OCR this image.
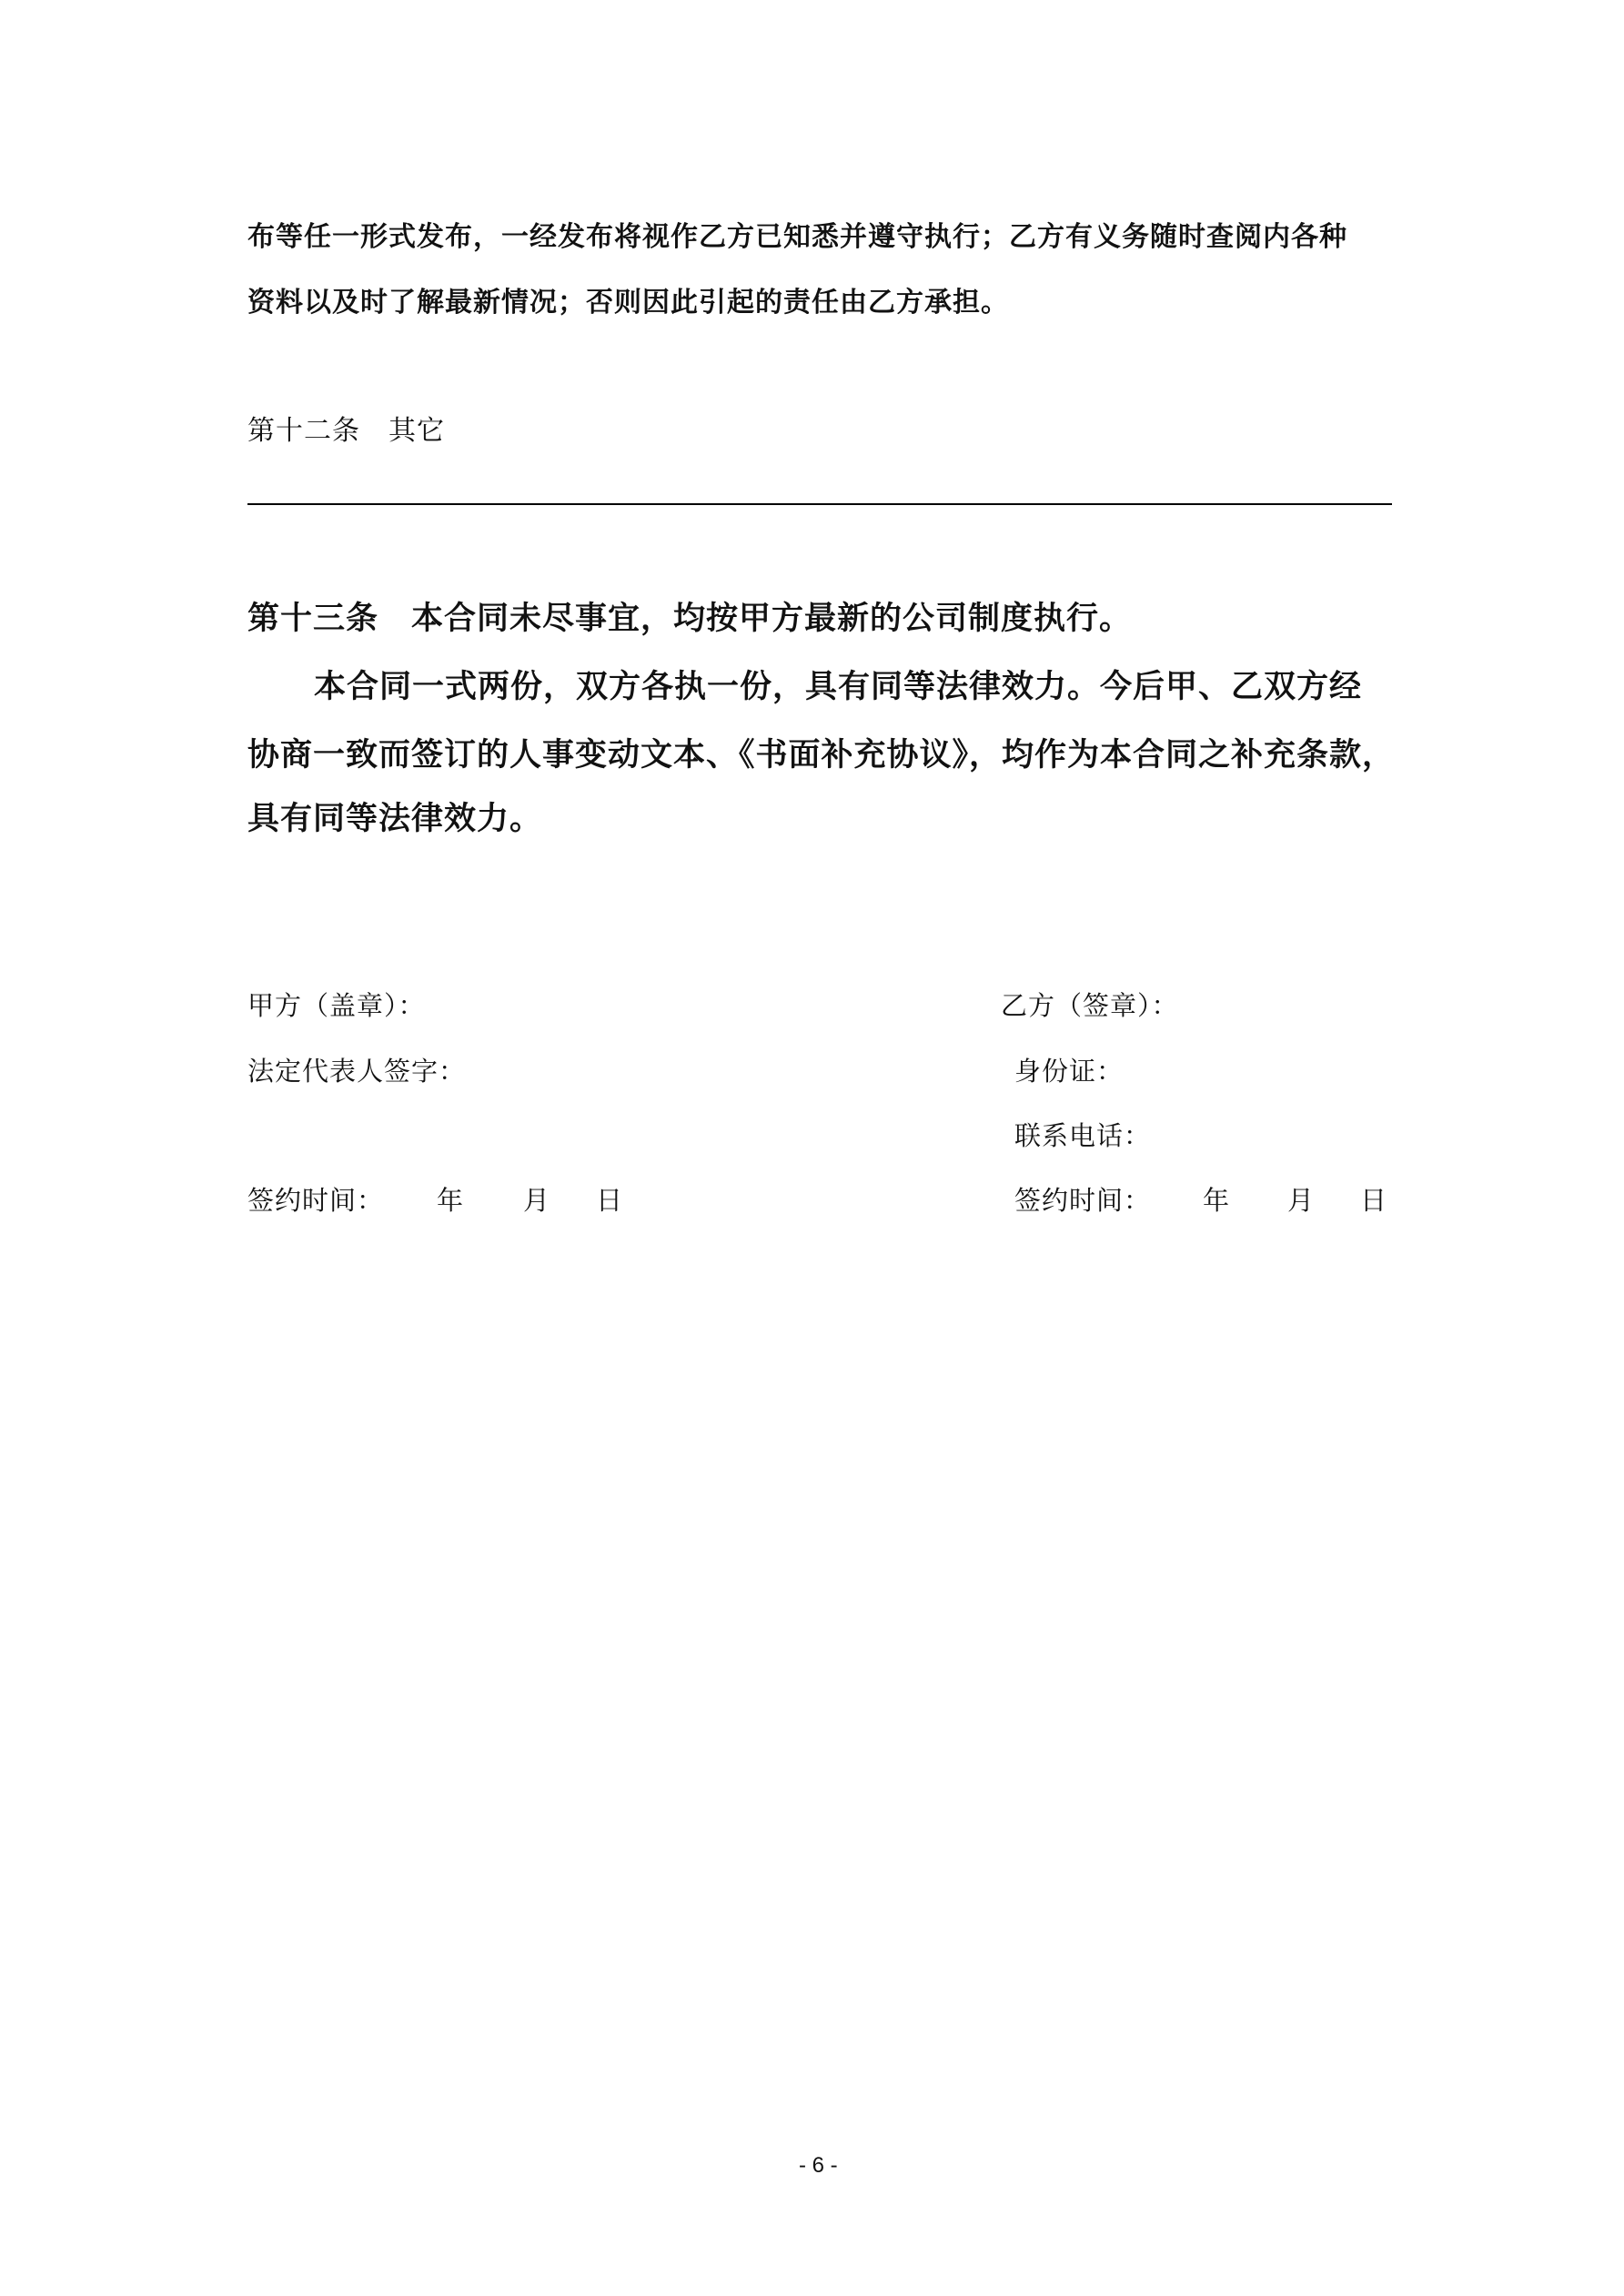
布等任一形式发布，一经发布将视作乙方已知悉并遵守执行；乙方有义务随时查阅内各种
资料以及时了解最新情况；否则因此引起的责任由乙方承担。
第十二条　其它
第十三条　本合同未尽事宜，均按甲方最新的公司制度执行。
本合同一式两份，双方各执一份，具有同等法律效力。今后甲、乙双方经
协商一致而签订的人事变动文本、《书面补充协议》，均作为本合同之补充条款，
具有同等法律效力。
甲方（盖章）：
法定代表人签字：
签约时间： 年 月 日
乙方（签章）：
身份证：
联系电话：
签约时间： 年 月 日
- 6 -
